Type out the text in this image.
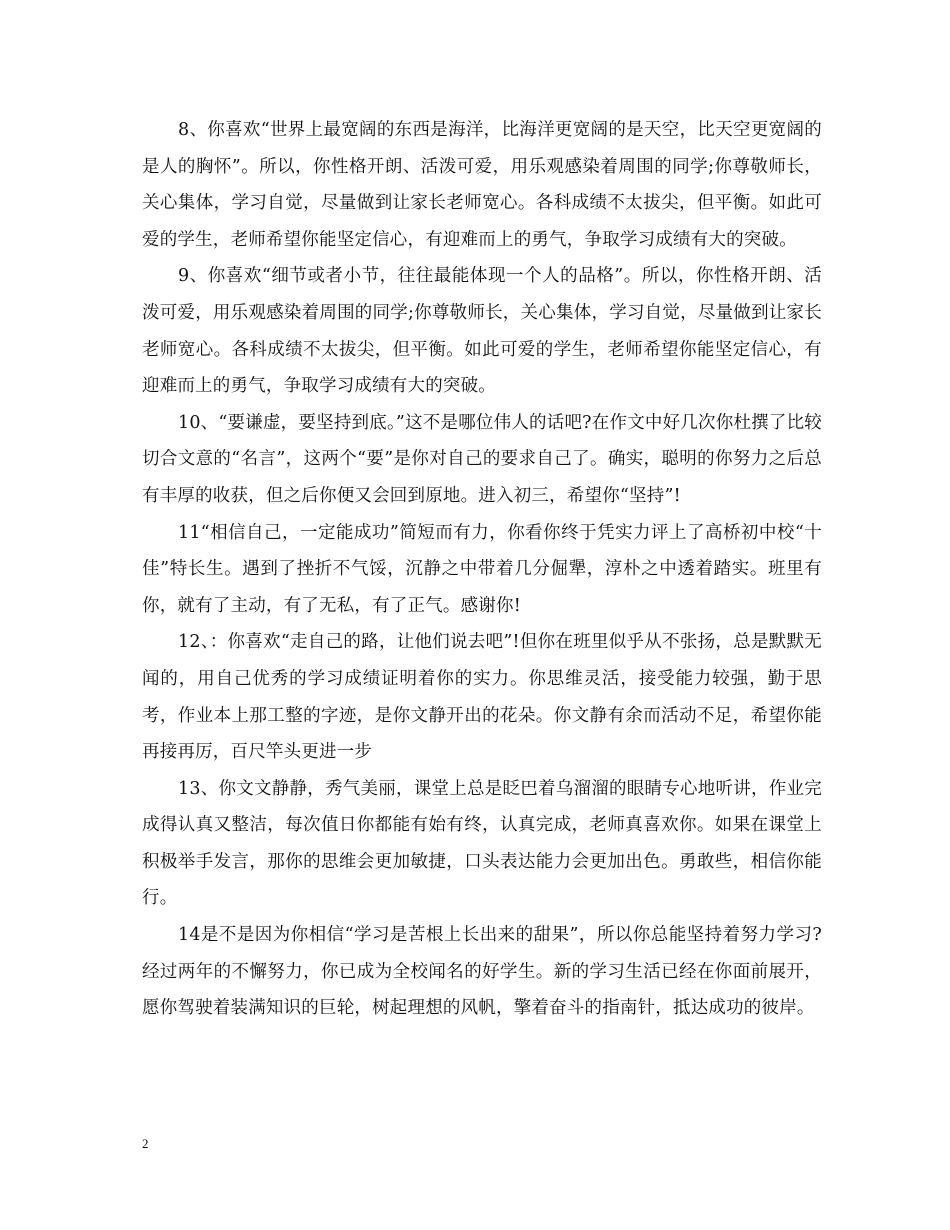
8、你喜欢“世界上最宽阔的东西是海洋，比海洋更宽阔的是天空，比天空更宽阔的是人的胸怀”。所以，你性格开朗、活泼可爱，用乐观感染着周围的同学;你尊敬师长，关心集体，学习自觉，尽量做到让家长老师宽心。各科成绩不太拔尖，但平衡。如此可爱的学生，老师希望你能坚定信心，有迎难而上的勇气，争取学习成绩有大的突破。

9、你喜欢“细节或者小节，往往最能体现一个人的品格”。所以，你性格开朗、活泼可爱，用乐观感染着周围的同学;你尊敬师长，关心集体，学习自觉，尽量做到让家长老师宽心。各科成绩不太拔尖，但平衡。如此可爱的学生，老师希望你能坚定信心，有迎难而上的勇气，争取学习成绩有大的突破。

10、“要谦虚，要坚持到底。”这不是哪位伟人的话吧?在作文中好几次你杜撰了比较切合文意的“名言”，这两个“要”是你对自己的要求自己了。确实，聪明的你努力之后总有丰厚的收获，但之后你便又会回到原地。进入初三，希望你“坚持”!

11“相信自己，一定能成功”简短而有力，你看你终于凭实力评上了高桥初中校“十佳”特长生。遇到了挫折不气馁，沉静之中带着几分倔犟，淳朴之中透着踏实。班里有你，就有了主动，有了无私，有了正气。感谢你!

12、：你喜欢“走自己的路，让他们说去吧”!但你在班里似乎从不张扬，总是默默无闻的，用自己优秀的学习成绩证明着你的实力。你思维灵活，接受能力较强，勤于思考，作业本上那工整的字迹，是你文静开出的花朵。你文静有余而活动不足，希望你能再接再厉，百尺竿头更进一步

13、你文文静静，秀气美丽，课堂上总是眨巴着乌溜溜的眼睛专心地听讲，作业完成得认真又整洁，每次值日你都能有始有终，认真完成，老师真喜欢你。如果在课堂上积极举手发言，那你的思维会更加敏捷，口头表达能力会更加出色。勇敢些，相信你能行。

14是不是因为你相信“学习是苦根上长出来的甜果”，所以你总能坚持着努力学习?经过两年的不懈努力，你已成为全校闻名的好学生。新的学习生活已经在你面前展开，愿你驾驶着装满知识的巨轮，树起理想的风帆，擎着奋斗的指南针，抵达成功的彼岸。

2
